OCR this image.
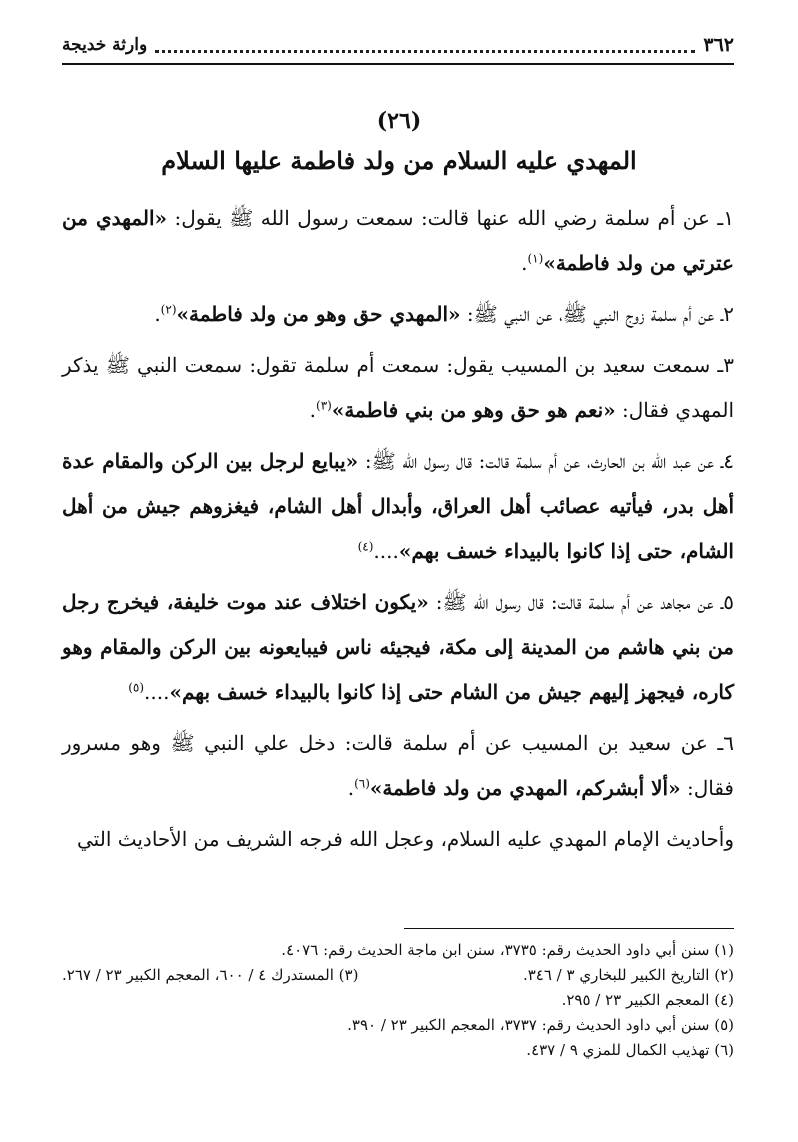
٣٦٢
وارثة خديجة
(٢٦)
المهدي عليه السلام من ولد فاطمة عليها السلام

١ـ عن أم سلمة رضي الله عنها قالت: سمعت رسول الله ﷺ يقول: «المهدي من عترتي من ولد فاطمة»$^{(١)}$.

٢ـ عن أم سلمة زوج النبي ﷺ، عن النبي ﷺ: «المهدي حق وهو من ولد فاطمة»$^{(٢)}$.

٣ـ سمعت سعيد بن المسيب يقول: سمعت أم سلمة تقول: سمعت النبي ﷺ يذكر المهدي فقال: «نعم هو حق وهو من بني فاطمة»$^{(٣)}$.

٤ـ عن عبد الله بن الحارث، عن أم سلمة قالت: قال رسول الله ﷺ: «يبايع لرجل بين الركن والمقام عدة أهل بدر، فيأتيه عصائب أهل العراق، وأبدال أهل الشام، فيغزوهم جيش من أهل الشام، حتى إذا كانوا بالبيداء خسف بهم»....$^{(٤)}$

٥ـ عن مجاهد عن أم سلمة قالت: قال رسول الله ﷺ: «يكون اختلاف عند موت خليفة، فيخرج رجل من بني هاشم من المدينة إلى مكة، فيجيئه ناس فيبايعونه بين الركن والمقام وهو كاره، فيجهز إليهم جيش من الشام حتى إذا كانوا بالبيداء خسف بهم»....$^{(٥)}$

٦ـ عن سعيد بن المسيب عن أم سلمة قالت: دخل علي النبي ﷺ وهو مسرور فقال: «ألا أبشركم، المهدي من ولد فاطمة»$^{(٦)}$.

وأحاديث الإمام المهدي عليه السلام، وعجل الله فرجه الشريف من الأحاديث التي

(١) سنن أبي داود الحديث رقم: ٣٧٣٥، سنن ابن ماجة الحديث رقم: ٤٠٧٦.

(٢) التاريخ الكبير للبخاري ٣ / ٣٤٦.

(٣) المستدرك ٤ / ٦٠٠، المعجم الكبير ٢٣ / ٢٦٧.

(٤) المعجم الكبير ٢٣ / ٢٩٥.

(٥) سنن أبي داود الحديث رقم: ٣٧٣٧، المعجم الكبير ٢٣ / ٣٩٠.

(٦) تهذيب الكمال للمزي ٩ / ٤٣٧.
